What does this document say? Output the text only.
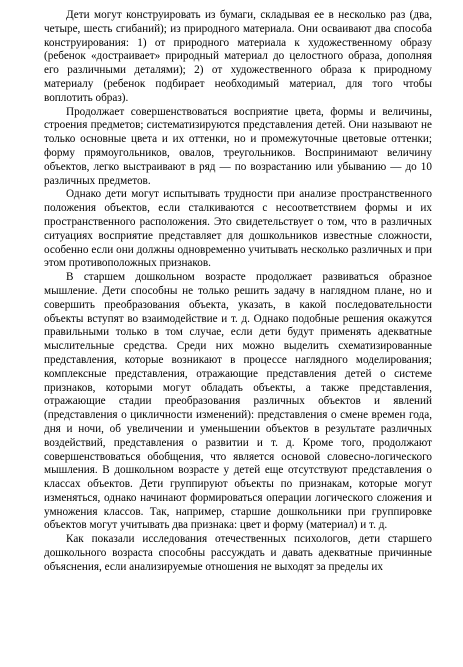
Дети могут конструировать из бумаги, складывая ее в несколько раз (два, четыре, шесть сгибаний); из природного материала. Они осваивают два способа конструирования: 1) от природного материала к художественному образу (ребенок «достраивает» природный материал до целостного образа, дополняя его различными деталями); 2) от художественного образа к природному материалу (ребенок подбирает необходимый материал, для того чтобы воплотить образ).

Продолжает совершенствоваться восприятие цвета, формы и величины, строения предметов; систематизируются представления детей. Они называют не только основные цвета и их оттенки, но и промежуточные цветовые оттенки; форму прямоугольников, овалов, треугольников. Воспринимают величину объектов, легко выстраивают в ряд — по возрастанию или убыванию — до 10 различных предметов.

Однако дети могут испытывать трудности при анализе пространственного положения объектов, если сталкиваются с несоответствием формы и их пространственного расположения. Это свидетельствует о том, что в различных ситуациях восприятие представляет для дошкольников известные сложности, особенно если они должны одновременно учитывать несколько различных и при этом противоположных признаков.

В старшем дошкольном возрасте продолжает развиваться образное мышление. Дети способны не только решить задачу в наглядном плане, но и совершить преобразования объекта, указать, в какой последовательности объекты вступят во взаимодействие и т. д. Однако подобные решения окажутся правильными только в том случае, если дети будут применять адекватные мыслительные средства. Среди них можно выделить схематизированные представления, которые возникают в процессе наглядного моделирования; комплексные представления, отражающие представления детей о системе признаков, которыми могут обладать объекты, а также представления, отражающие стадии преобразования различных объектов и явлений (представления о цикличности изменений): представления о смене времен года, дня и ночи, об увеличении и уменьшении объектов в результате различных воздействий, представления о развитии и т. д. Кроме того, продолжают совершенствоваться обобщения, что является основой словесно-логического мышления. В дошкольном возрасте у детей еще отсутствуют представления о классах объектов. Дети группируют объекты по признакам, которые могут изменяться, однако начинают формироваться операции логического сложения и умножения классов. Так, например, старшие дошкольники при группировке объектов могут учитывать два признака: цвет и форму (материал) и т. д.

Как показали исследования отечественных психологов, дети старшего дошкольного возраста способны рассуждать и давать адекватные причинные объяснения, если анализируемые отношения не выходят за пределы их
